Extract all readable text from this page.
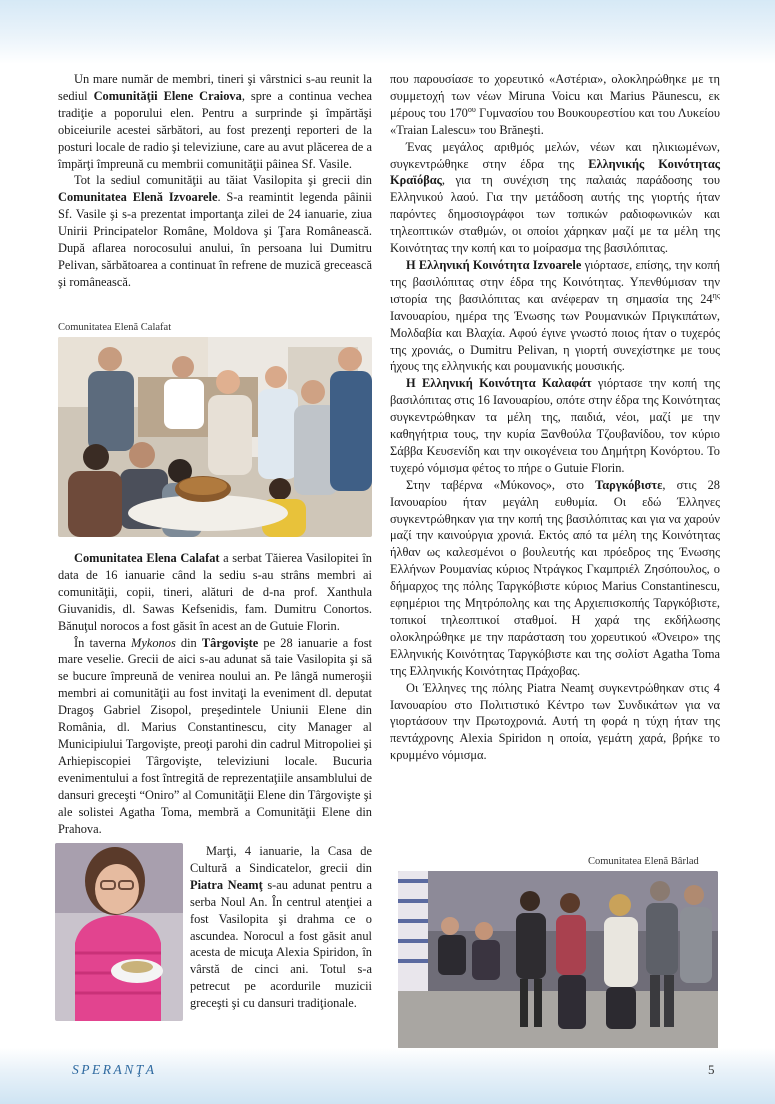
Un mare număr de membri, tineri şi vârstnici s-au reunit la sediul Comunităţii Elene Craiova, spre a continua vechea tradiţie a poporului elen. Pentru a surprinde şi împărtăşi obiceiurile acestei sărbători, au fost prezenţi reporteri de la posturi locale de radio şi televiziune, care au avut plăcerea de a împărţi împreună cu membrii comunităţii pâinea Sf. Vasile.

Tot la sediul comunităţii au tăiat Vasilopita şi grecii din Comunitatea Elenă Izvoarele. S-a reamintit legenda pâinii Sf. Vasile şi s-a prezentat importanţa zilei de 24 ianuarie, ziua Unirii Principatelor Române, Moldova şi Ţara Românească. După aflarea norocosului anului, în persoana lui Dumitru Pelivan, sărbătoarea a continuat în refrene de muzică grecească şi românească.

Comunitatea Elenă Calafat

Comunitatea Elena Calafat a serbat Tăierea Vasilopitei în data de 16 ianuarie când la sediu s-au strâns membri ai comunităţii, copii, tineri, alături de d-na prof. Xanthula Giuvanidis, dl. Sawas Kefsenidis, fam. Dumitru Conortos. Bănuţul norocos a fost găsit în acest an de Gutuie Florin.

În taverna Mykonos din Târgovişte pe 28 ianuarie a fost mare veselie. Grecii de aici s-au adunat să taie Vasilopita şi să se bucure împreună de venirea noului an. Pe lângă numeroşii membri ai comunităţii au fost invitaţi la eveniment dl. deputat Dragoş Gabriel Zisopol, preşedintele Uniunii Elene din România, dl. Marius Constantinescu, city Manager al Municipiului Targovişte, preoţi parohi din cadrul Mitropoliei şi Arhiepiscopiei Târgovişte, televiziuni locale. Bucuria evenimentului a fost întregită de reprezentaţiile ansamblului de dansuri greceşti “Oniro” al Comunităţii Elene din Târgovişte şi ale solistei Agatha Toma, membră a Comunităţii Elene din Prahova.

Marţi, 4 ianuarie, la Casa de Cultură a Sindicatelor, grecii din Piatra Neamţ s-au adunat pentru a serba Noul An. În centrul atenţiei a fost Vasilopita şi drahma ce o ascundea. Norocul a fost găsit anul acesta de micuţa Alexia Spiridon, în vârstă de cinci ani. Totul s-a petrecut pe acordurile muzicii greceşti şi cu dansuri tradiţionale.

που παρουσίασε το χορευτικό «Αστέρια», ολοκληρώθηκε με τη συμμετοχή των νέων Miruna Voicu και Marius Păunescu, εκ μέρους του $170^{o\upsilon}$ Γυμνασίου του Βουκουρεστίου και του Λυκείου «Traian Lalescu» του Brăneşti.

Ένας μεγάλος αριθμός μελών, νέων και ηλικιωμένων, συγκεντρώθηκε στην έδρα της Ελληνικής Κοινότητας Κραϊόβας, για τη συνέχιση της παλαιάς παράδοσης του Ελληνικού λαού. Για την μετάδοση αυτής της γιορτής ήταν παρόντες δημοσιογράφοι των τοπικών ραδιοφωνικών και τηλεοπτικών σταθμών, οι οποίοι χάρηκαν μαζί με τα μέλη της Κοινότητας την κοπή και το μοίρασμα της βασιλόπιτας.

Η Ελληνική Κοινότητα Izvoarele γιόρτασε, επίσης, την κοπή της βασιλόπιτας στην έδρα της Κοινότητας. Υπενθύμισαν την ιστορία της βασιλόπιτας και ανέφεραν τη σημασία της $24^{\eta\varsigma}$ Ιανουαρίου, ημέρα της Ένωσης των Ρουμανικών Πριγκιπάτων, Μολδαβία και Βλαχία. Αφού έγινε γνωστό ποιος ήταν ο τυχερός της χρονιάς, ο Dumitru Pelivan, η γιορτή συνεχίστηκε με τους ήχους της ελληνικής και ρουμανικής μουσικής.

Η Ελληνική Κοινότητα Καλαφάτ γιόρτασε την κοπή της βασιλόπιτας στις 16 Ιανουαρίου, οπότε στην έδρα της Κοινότητας συγκεντρώθηκαν τα μέλη της, παιδιά, νέοι, μαζί με την καθηγήτρια τους, την κυρία Ξανθούλα Τζουβανίδου, τον κύριο Σάββα Κευσενίδη και την οικογένεια του Δημήτρη Κονόρτου. Το τυχερό νόμισμα φέτος το πήρε ο Gutuie Florin.

Στην ταβέρνα «Μύκονος», στο Ταργκόβιστε, στις 28 Ιανουαρίου ήταν μεγάλη ευθυμία. Οι εδώ Έλληνες συγκεντρώθηκαν για την κοπή της βασιλόπιτας και για να χαρούν μαζί την καινούργια χρονιά. Εκτός από τα μέλη της Κοινότητας ήλθαν ως καλεσμένοι ο βουλευτής και πρόεδρος της Ένωσης Ελλήνων Ρουμανίας κύριος Ντράγκος Γκαμπριέλ Ζησόπουλος, ο δήμαρχος της πόλης Ταργκόβιστε κύριος Marius Constantinescu, εφημέριοι της Μητρόπολης και της Αρχιεπισκοπής Ταργκόβιστε, τοπικοί τηλεοπτικοί σταθμοί. Η χαρά της εκδήλωσης ολοκληρώθηκε με την παράσταση του χορευτικού «Όνειρο» της Ελληνικής Κοινότητας Ταργκόβιστε και της σολίστ Agatha Toma της Ελληνικής Κοινότητας Πράχοβας.

Οι Έλληνες της πόλης Piatra Neamţ συγκεντρώθηκαν στις 4 Ιανουαρίου στο Πολιτιστικό Κέντρο των Συνδικάτων για να γιορτάσουν την Πρωτοχρονιά. Αυτή τη φορά η τύχη ήταν της πεντάχρονης Alexia Spiridon η οποία, γεμάτη χαρά, βρήκε το κρυμμένο νόμισμα.

Comunitatea Elenă Bârlad
SPERANŢA	5
